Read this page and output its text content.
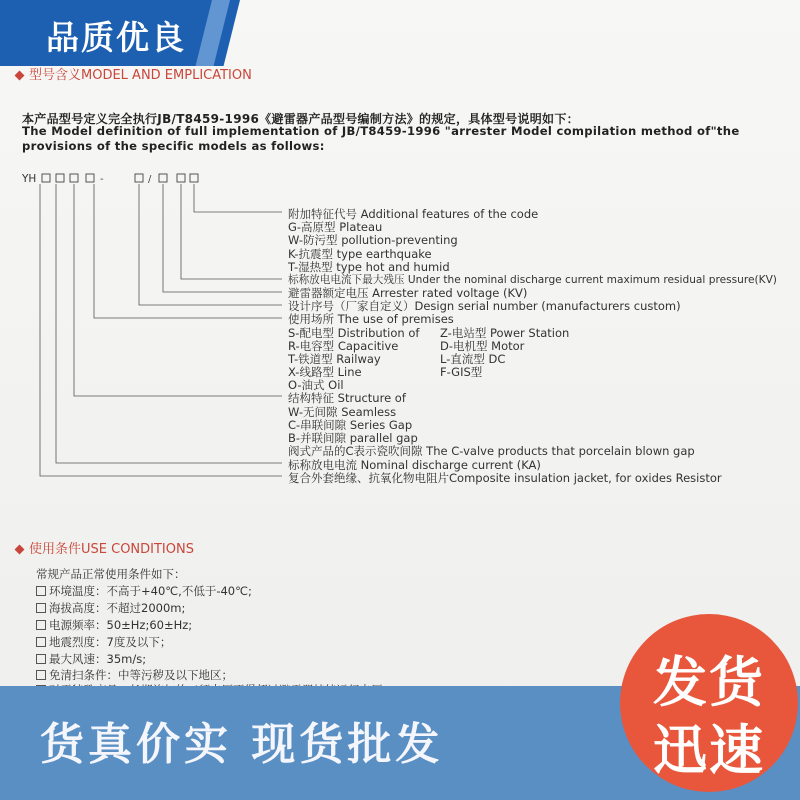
品质优良
型号含义MODEL AND EMPLICATION
本产品型号定义完全执行JB/T8459-1996《避雷器产品型号编制方法》的规定，具体型号说明如下：
The Model definition of full implementation of JB/T8459-1996 "arrester Model compilation method of"the
provisions of the specific models as follows:
YH	-	/
附加特征代号 Additional features of the code
G-高原型 Plateau
W-防污型 pollution-preventing
K-抗震型 type earthquake
T-湿热型 type hot and humid
标称放电电流下最大残压 Under the nominal discharge current maximum residual pressure(KV)
避雷器额定电压 Arrester rated voltage (KV)
设计序号（厂家自定义）Design serial number (manufacturers custom)
使用场所 The use of premises
S-配电型 Distribution of
R-电容型 Capacitive
T-铁道型 Railway
X-线路型 Line
O-油式 Oil
结构特征 Structure of
W-无间隙 Seamless
C-串联间隙 Series Gap
B-并联间隙 parallel gap
阀式产品的C表示瓷吹间隙 The C-valve products that porcelain blown gap
标称放电电流 Nominal discharge current (KA)
复合外套绝缘、抗氧化物电阻片Composite insulation jacket, for oxides Resistor
Z-电站型 Power Station
D-电机型 Motor
L-直流型 DC
F-GIS型
使用条件USE CONDITIONS
常规产品正常使用条件如下：
环境温度：不高于+40℃,不低于-40℃;
海拔高度：不超过2000m;
电源频率：50±Hz;60±Hz;
地震烈度：7度及以下；
最大风速：35m/s;
免清扫条件：中等污秽及以下地区；
货真价实 现货批发
发货
迅速
